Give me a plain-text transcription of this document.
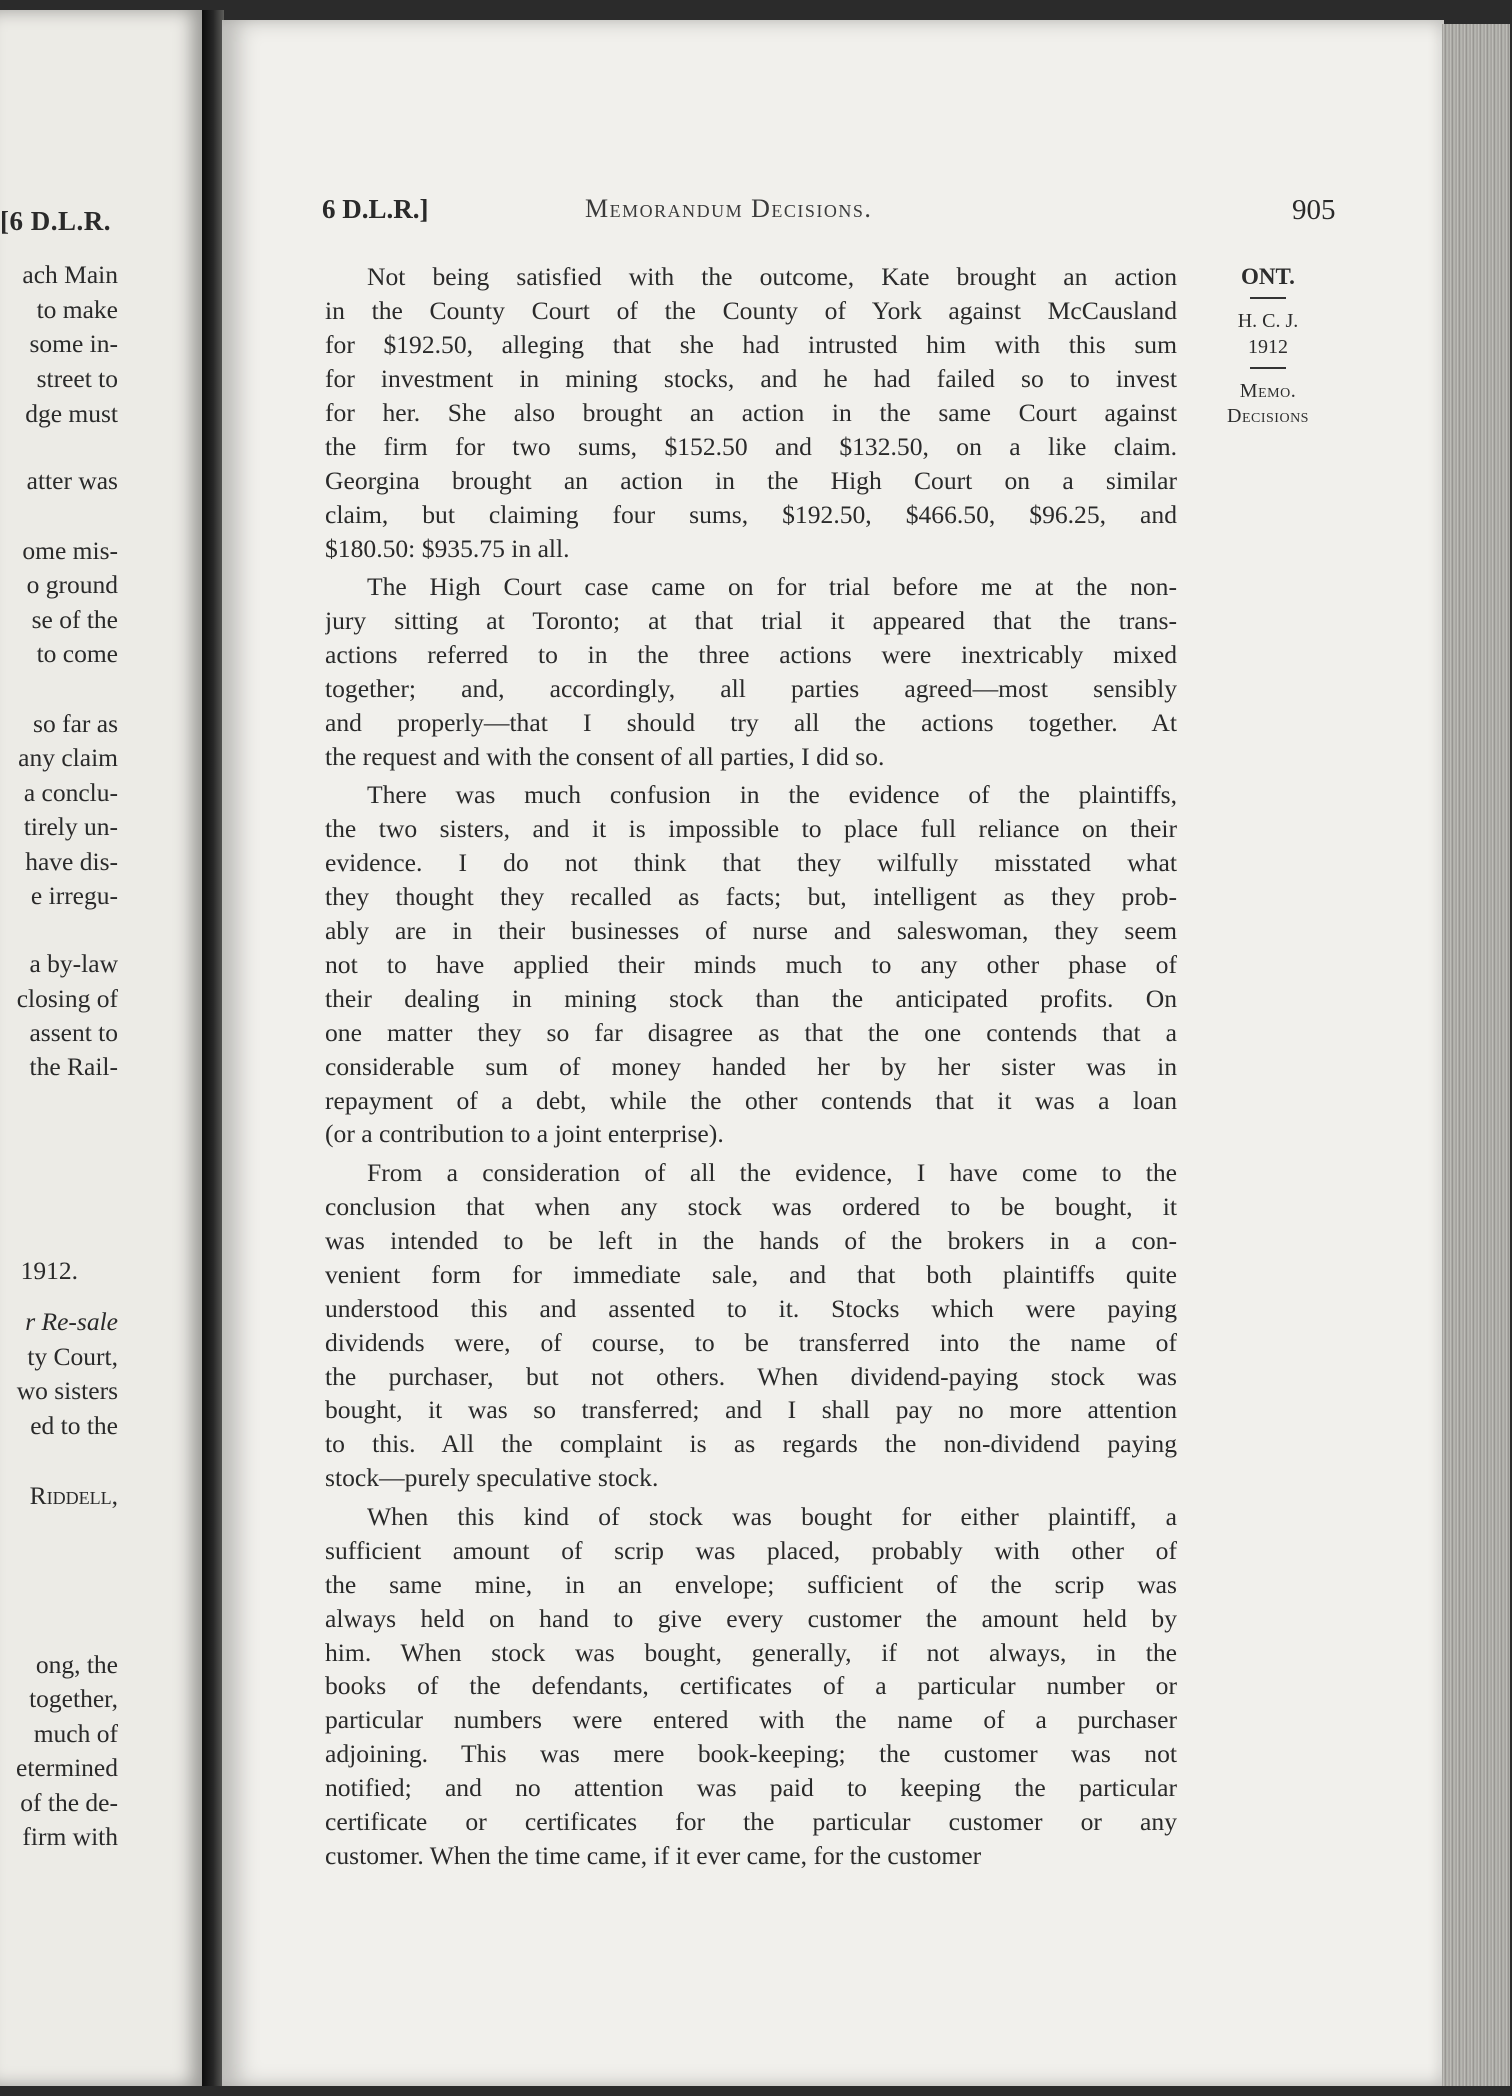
[6 D.L.R.
ach Main
to make
some in-
street to
dge must
atter was
ome mis-
o ground
se of the
to come
so far as
any claim
a conclu-
tirely un-
have dis-
e irregu-
a by-law
closing of
assent to
the Rail-
1912.
r Re-sale
ty Court,
wo sisters
ed to the
Riddell,
ong, the
together,
much of
etermined
of the de-
firm with
6 D.L.R.]	Memorandum Decisions.	905
ONT.
H. C. J.
1912
Memo.
Decisions
Not being satisfied with the outcome, Kate brought an action
in the County Court of the County of York against McCausland
for $192.50, alleging that she had intrusted him with this sum
for investment in mining stocks, and he had failed so to invest
for her. She also brought an action in the same Court against
the firm for two sums, $152.50 and $132.50, on a like claim.
Georgina brought an action in the High Court on a similar
claim, but claiming four sums, $192.50, $466.50, $96.25, and
$180.50: $935.75 in all.
The High Court case came on for trial before me at the non-
jury sitting at Toronto; at that trial it appeared that the trans-
actions referred to in the three actions were inextricably mixed
together; and, accordingly, all parties agreed—most sensibly
and properly—that I should try all the actions together. At
the request and with the consent of all parties, I did so.
There was much confusion in the evidence of the plaintiffs,
the two sisters, and it is impossible to place full reliance on their
evidence. I do not think that they wilfully misstated what
they thought they recalled as facts; but, intelligent as they prob-
ably are in their businesses of nurse and saleswoman, they seem
not to have applied their minds much to any other phase of
their dealing in mining stock than the anticipated profits. On
one matter they so far disagree as that the one contends that a
considerable sum of money handed her by her sister was in
repayment of a debt, while the other contends that it was a loan
(or a contribution to a joint enterprise).
From a consideration of all the evidence, I have come to the
conclusion that when any stock was ordered to be bought, it
was intended to be left in the hands of the brokers in a con-
venient form for immediate sale, and that both plaintiffs quite
understood this and assented to it. Stocks which were paying
dividends were, of course, to be transferred into the name of
the purchaser, but not others. When dividend-paying stock was
bought, it was so transferred; and I shall pay no more attention
to this. All the complaint is as regards the non-dividend paying
stock—purely speculative stock.
When this kind of stock was bought for either plaintiff, a
sufficient amount of scrip was placed, probably with other of
the same mine, in an envelope; sufficient of the scrip was
always held on hand to give every customer the amount held by
him. When stock was bought, generally, if not always, in the
books of the defendants, certificates of a particular number or
particular numbers were entered with the name of a purchaser
adjoining. This was mere book-keeping; the customer was not
notified; and no attention was paid to keeping the particular
certificate or certificates for the particular customer or any
customer. When the time came, if it ever came, for the customer
